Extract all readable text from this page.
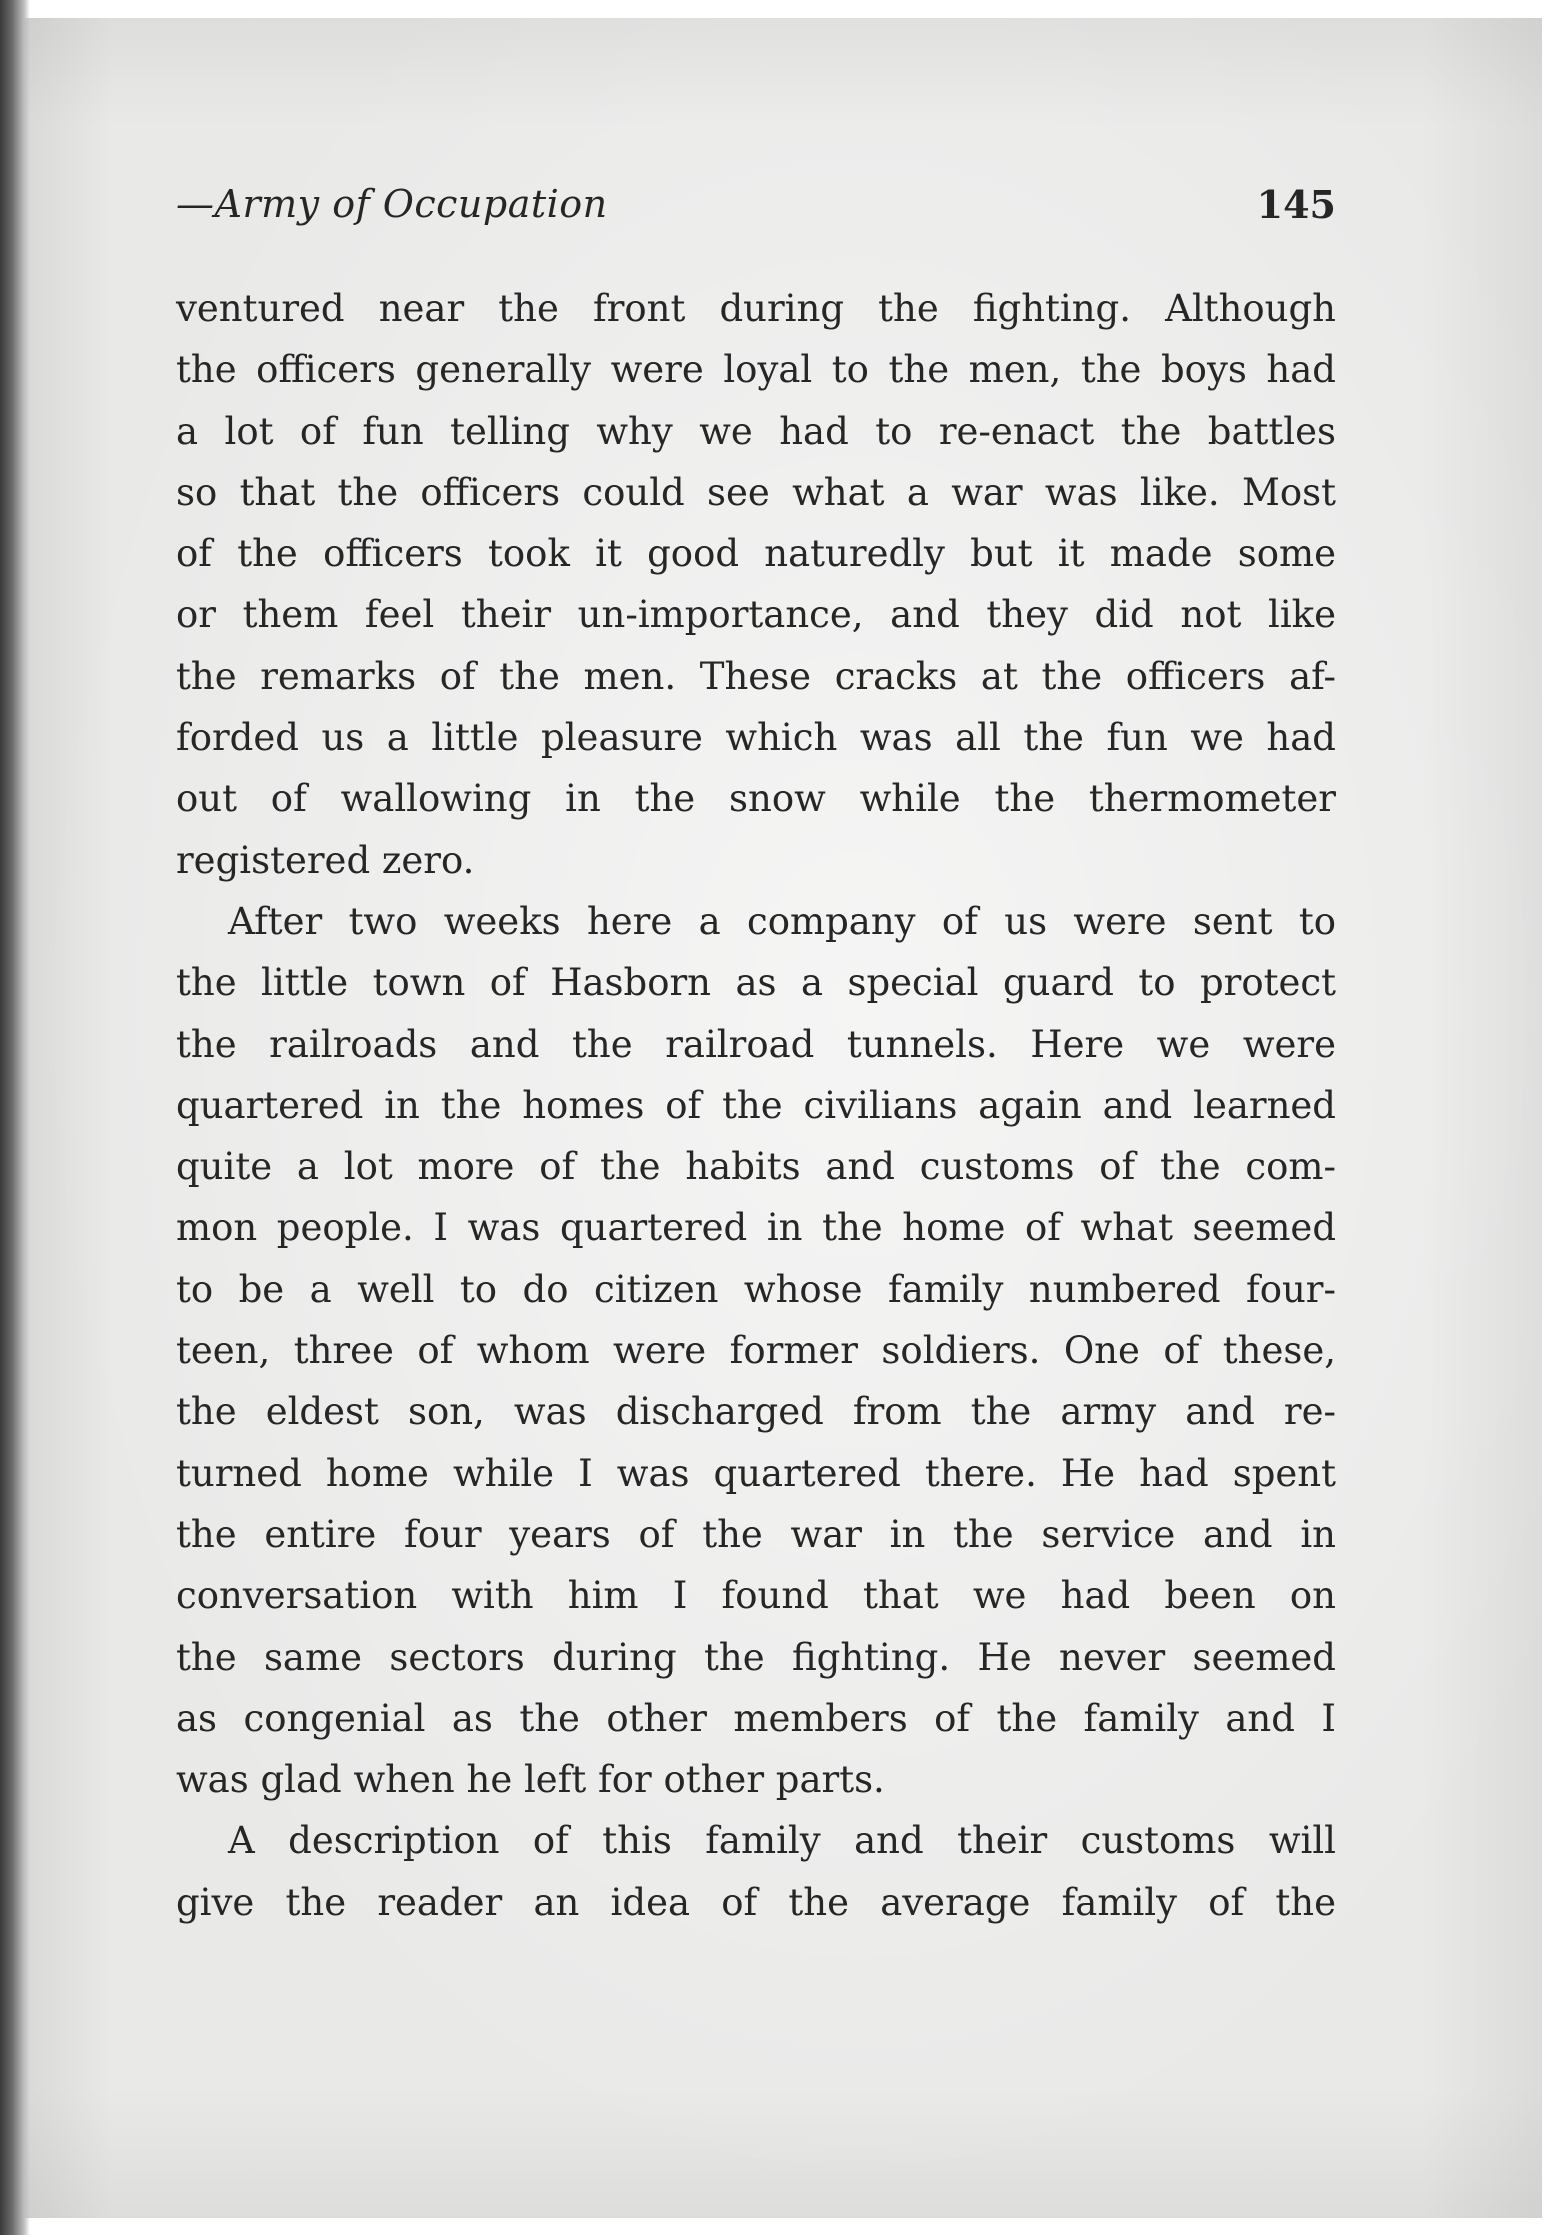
—Army of Occupation	145

ventured near the front during the fighting. Although
the officers generally were loyal to the men, the boys had
a lot of fun telling why we had to re-enact the battles
so that the officers could see what a war was like. Most
of the officers took it good naturedly but it made some
or them feel their un-importance, and they did not like
the remarks of the men. These cracks at the officers af-
forded us a little pleasure which was all the fun we had
out of wallowing in the snow while the thermometer
registered zero.

After two weeks here a company of us were sent to
the little town of Hasborn as a special guard to protect
the railroads and the railroad tunnels. Here we were
quartered in the homes of the civilians again and learned
quite a lot more of the habits and customs of the com-
mon people. I was quartered in the home of what seemed
to be a well to do citizen whose family numbered four-
teen, three of whom were former soldiers. One of these,
the eldest son, was discharged from the army and re-
turned home while I was quartered there. He had spent
the entire four years of the war in the service and in
conversation with him I found that we had been on
the same sectors during the fighting. He never seemed
as congenial as the other members of the family and I
was glad when he left for other parts.

A description of this family and their customs will
give the reader an idea of the average family of the
